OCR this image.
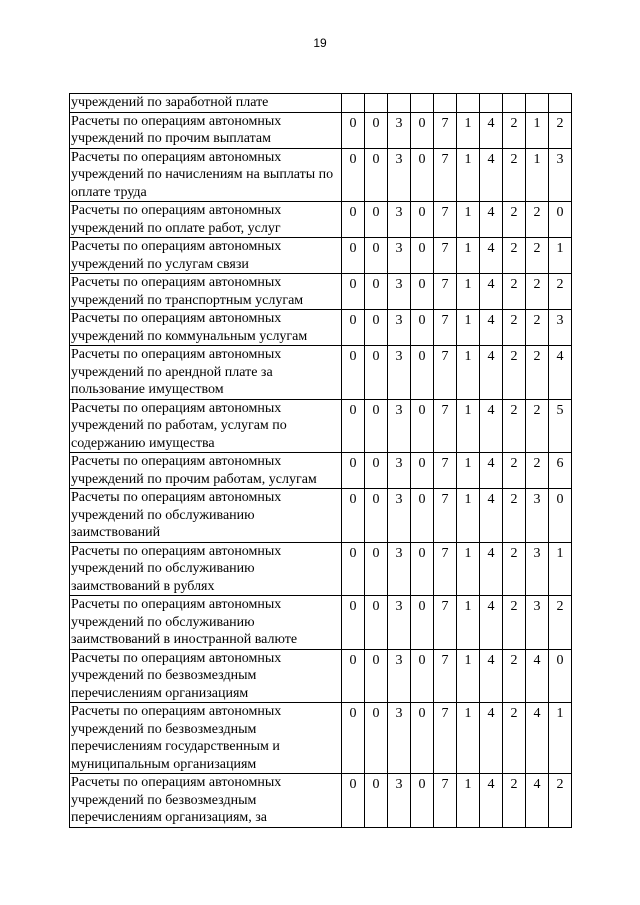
19
учреждений по заработной плате										
Расчеты по операциям автономных учреждений по прочим выплатам	0	0	3	0	7	1	4	2	1	2
Расчеты по операциям автономных учреждений по начислениям на выплаты по оплате труда	0	0	3	0	7	1	4	2	1	3
Расчеты по операциям автономных учреждений по оплате работ, услуг	0	0	3	0	7	1	4	2	2	0
Расчеты по операциям автономных учреждений по услугам связи	0	0	3	0	7	1	4	2	2	1
Расчеты по операциям автономных учреждений по транспортным услугам	0	0	3	0	7	1	4	2	2	2
Расчеты по операциям автономных учреждений по коммунальным услугам	0	0	3	0	7	1	4	2	2	3
Расчеты по операциям автономных учреждений по арендной плате за пользование имуществом	0	0	3	0	7	1	4	2	2	4
Расчеты по операциям автономных учреждений по работам, услугам по содержанию имущества	0	0	3	0	7	1	4	2	2	5
Расчеты по операциям автономных учреждений по прочим работам, услугам	0	0	3	0	7	1	4	2	2	6
Расчеты по операциям автономных учреждений по обслуживанию заимствований	0	0	3	0	7	1	4	2	3	0
Расчеты по операциям автономных учреждений по обслуживанию заимствований в рублях	0	0	3	0	7	1	4	2	3	1
Расчеты по операциям автономных учреждений по обслуживанию заимствований в иностранной валюте	0	0	3	0	7	1	4	2	3	2
Расчеты по операциям автономных учреждений по безвозмездным перечислениям организациям	0	0	3	0	7	1	4	2	4	0
Расчеты по операциям автономных учреждений по безвозмездным перечислениям государственным и муниципальным организациям	0	0	3	0	7	1	4	2	4	1
Расчеты по операциям автономных учреждений по безвозмездным перечислениям организациям, за	0	0	3	0	7	1	4	2	4	2
